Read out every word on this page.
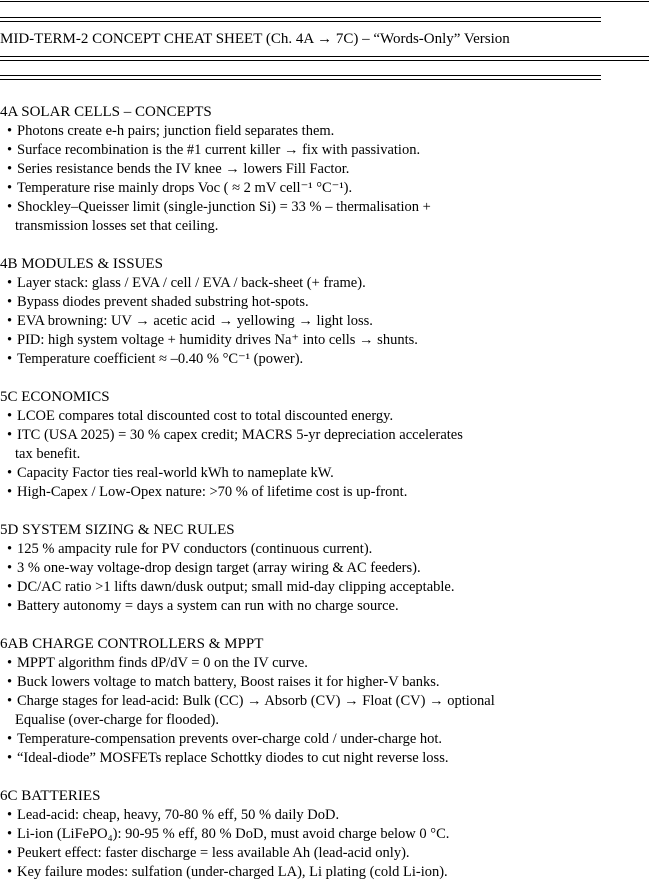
MID-TERM-2 CONCEPT CHEAT SHEET (Ch. 4A → 7C) – “Words-Only” Version
4A SOLAR CELLS – CONCEPTS
• Photons create e-h pairs; junction field separates them.
• Surface recombination is the #1 current killer → fix with passivation.
• Series resistance bends the IV knee → lowers Fill Factor.
• Temperature rise mainly drops Voc ( ≈ 2 mV cell⁻¹ °C⁻¹).
• Shockley–Queisser limit (single-junction Si) = 33 % – thermalisation +
transmission losses set that ceiling.
4B MODULES & ISSUES
• Layer stack: glass / EVA / cell / EVA / back-sheet (+ frame).
• Bypass diodes prevent shaded substring hot-spots.
• EVA browning: UV → acetic acid → yellowing → light loss.
• PID: high system voltage + humidity drives Na⁺ into cells → shunts.
• Temperature coefficient ≈ –0.40 % °C⁻¹ (power).
5C ECONOMICS
• LCOE compares total discounted cost to total discounted energy.
• ITC (USA 2025) = 30 % capex credit; MACRS 5-yr depreciation accelerates
tax benefit.
• Capacity Factor ties real-world kWh to nameplate kW.
• High-Capex / Low-Opex nature: >70 % of lifetime cost is up-front.
5D SYSTEM SIZING & NEC RULES
• 125 % ampacity rule for PV conductors (continuous current).
• 3 % one-way voltage-drop design target (array wiring & AC feeders).
• DC/AC ratio >1 lifts dawn/dusk output; small mid-day clipping acceptable.
• Battery autonomy = days a system can run with no charge source.
6AB CHARGE CONTROLLERS & MPPT
• MPPT algorithm finds dP/dV = 0 on the IV curve.
• Buck lowers voltage to match battery, Boost raises it for higher-V banks.
• Charge stages for lead-acid: Bulk (CC) → Absorb (CV) → Float (CV) → optional
Equalise (over-charge for flooded).
• Temperature-compensation prevents over-charge cold / under-charge hot.
• “Ideal-diode” MOSFETs replace Schottky diodes to cut night reverse loss.
6C BATTERIES
• Lead-acid: cheap, heavy, 70-80 % eff, 50 % daily DoD.
• Li-ion (LiFePO₄): 90-95 % eff, 80 % DoD, must avoid charge below 0 °C.
• Peukert effect: faster discharge = less available Ah (lead-acid only).
• Key failure modes: sulfation (under-charged LA), Li plating (cold Li-ion).
